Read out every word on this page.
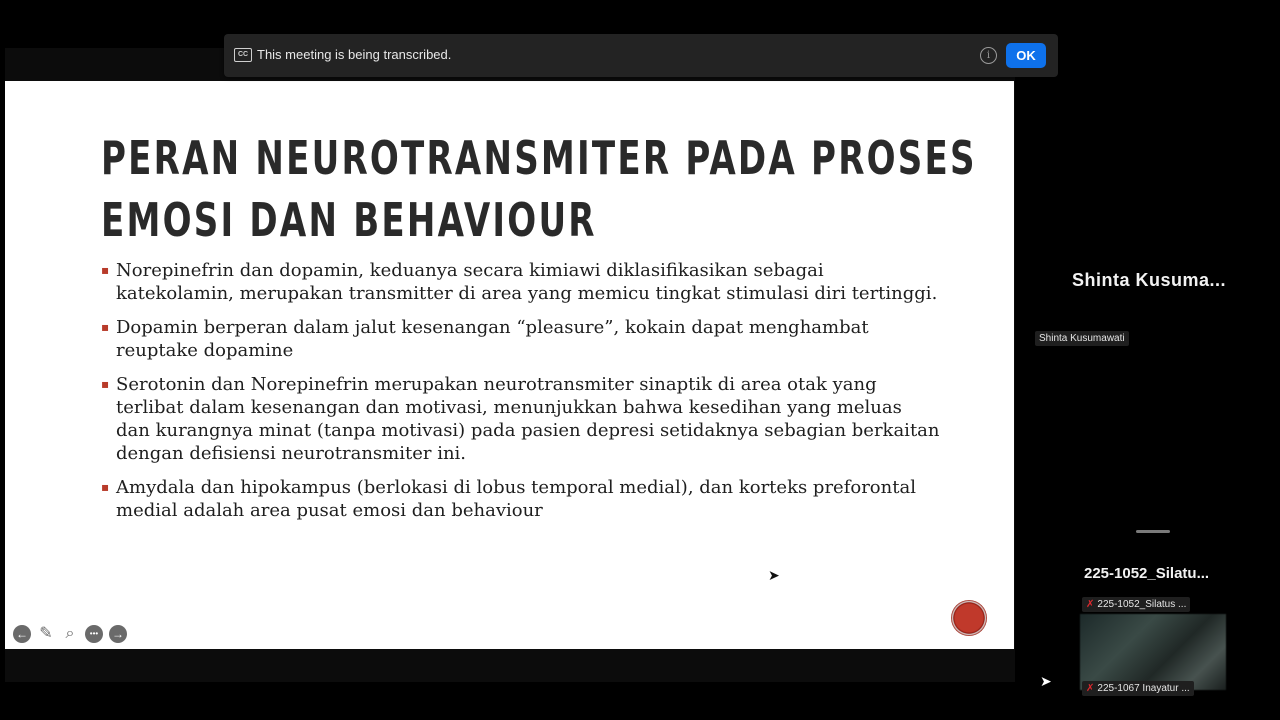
PERAN NEUROTRANSMITER PADA PROSES
EMOSI DAN BEHAVIOUR
▪ Norepinefrin dan dopamin, keduanya secara kimiawi diklasifikasikan sebagai katekolamin, merupakan transmitter di area yang memicu tingkat stimulasi diri tertinggi.
▪ Dopamin berperan dalam jalut kesenangan “pleasure”, kokain dapat menghambat reuptake dopamine
▪ Serotonin dan Norepinefrin merupakan neurotransmiter sinaptik di area otak yang terlibat dalam kesenangan dan motivasi, menunjukkan bahwa kesedihan yang meluas dan kurangnya minat (tanpa motivasi) pada pasien depresi setidaknya sebagian berkaitan dengan defisiensi neurotransmiter ini.
▪ Amydala dan hipokampus (berlokasi di lobus temporal medial), dan korteks preforontal medial adalah area pusat emosi dan behaviour
← ✎ ⌕	•••	→
➤
CC This meeting is being transcribed.	i	OK
Shinta Kusuma...
Shinta Kusumawati
225-1052_Silatu...
✗ 225-1052_Silatus ...
✗ 225-1067 Inayatur ...
➤
